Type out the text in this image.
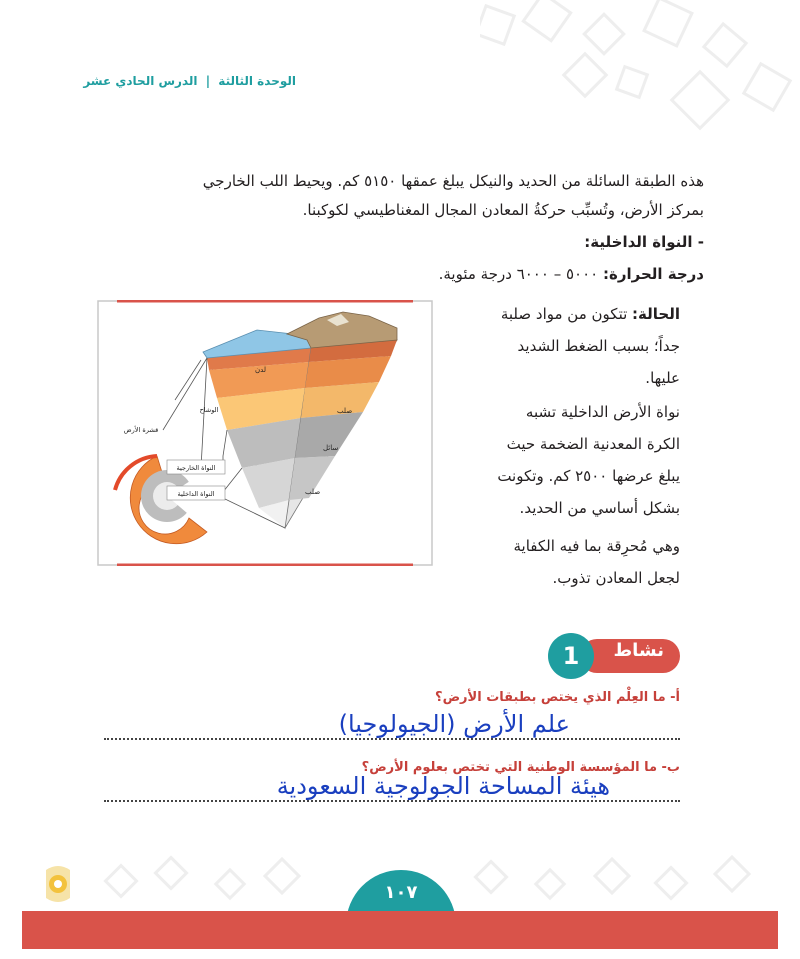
الوحدة الثالثة | الدرس الحادي عشر
هذه الطبقة السائلة من الحديد والنيكل يبلغ عمقها ٥١٥٠ كم. ويحيط اللب الخارجي
بمركز الأرض، وتُسبِّب حركةُ المعادن المجال المغناطيسي لكوكبنا.
- النواة الداخلية:
درجة الحرارة: ٥٠٠٠ – ٦٠٠٠ درجة مئوية.
الحالة: تتكون من مواد صلبة
جداً؛ بسبب الضغط الشديد
عليها.
نواة الأرض الداخلية تشبه
الكرة المعدنية الضخمة حيث
يبلغ عرضها ٢٥٠٠ كم. وتكونت
بشكل أساسي من الحديد.
وهي مُحرِقة بما فيه الكفاية
لجعل المعادن تذوب.
لدن
صلب
سائل
صلب
النواة الخارجية
النواة الداخلية
قشرة الأرض
الوشاح
نشاط
1
أ- ما العِلْم الذي يختص بطبقات الأرض؟
علم الأرض (الجيولوجيا)
ب- ما المؤسسة الوطنية التي تختص بعلوم الأرض؟
هيئة المساحة الجولوجية السعودية
١٠٧
